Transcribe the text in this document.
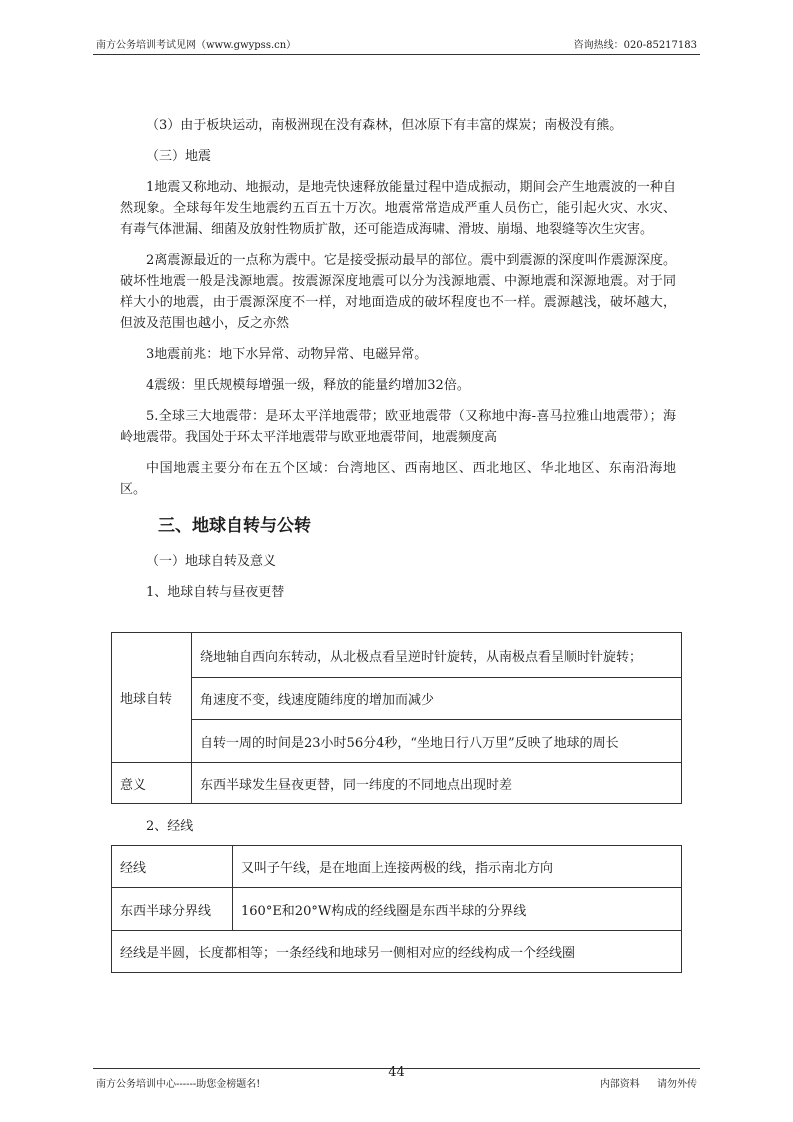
南方公务培训考试见网（www.gwypss.cn）	咨询热线：020-85217183

（3）由于板块运动，南极洲现在没有森林，但冰原下有丰富的煤炭；南极没有熊。

（三）地震

1地震又称地动、地振动，是地壳快速释放能量过程中造成振动，期间会产生地震波的一种自然现象。全球每年发生地震约五百五十万次。地震常常造成严重人员伤亡，能引起火灾、水灾、有毒气体泄漏、细菌及放射性物质扩散，还可能造成海啸、滑坡、崩塌、地裂缝等次生灾害。

2离震源最近的一点称为震中。它是接受振动最早的部位。震中到震源的深度叫作震源深度。破坏性地震一般是浅源地震。按震源深度地震可以分为浅源地震、中源地震和深源地震。对于同样大小的地震，由于震源深度不一样，对地面造成的破坏程度也不一样。震源越浅，破坏越大，但波及范围也越小，反之亦然

3地震前兆：地下水异常、动物异常、电磁异常。

4震级：里氏规模每增强一级，释放的能量约增加32倍。

5.全球三大地震带：是环太平洋地震带；欧亚地震带（又称地中海-喜马拉雅山地震带）；海岭地震带。我国处于环太平洋地震带与欧亚地震带间，地震频度高

中国地震主要分布在五个区域：台湾地区、西南地区、西北地区、华北地区、东南沿海地区。

三、地球自转与公转

（一）地球自转及意义

1、地球自转与昼夜更替

地球自转	绕地轴自西向东转动，从北极点看呈逆时针旋转，从南极点看呈顺时针旋转；
	角速度不变，线速度随纬度的增加而减少
	自转一周的时间是23小时56分4秒，“坐地日行八万里”反映了地球的周长
意义	东西半球发生昼夜更替，同一纬度的不同地点出现时差
2、经线
经线	又叫子午线，是在地面上连接两极的线，指示南北方向
东西半球分界线	160°E和20°W构成的经线圈是东西半球的分界线
经线是半圆，长度都相等；一条经线和地球另一侧相对应的经线构成一个经线圈	
44
南方公务培训中心------助您金榜题名!	内部资料 请勿外传
